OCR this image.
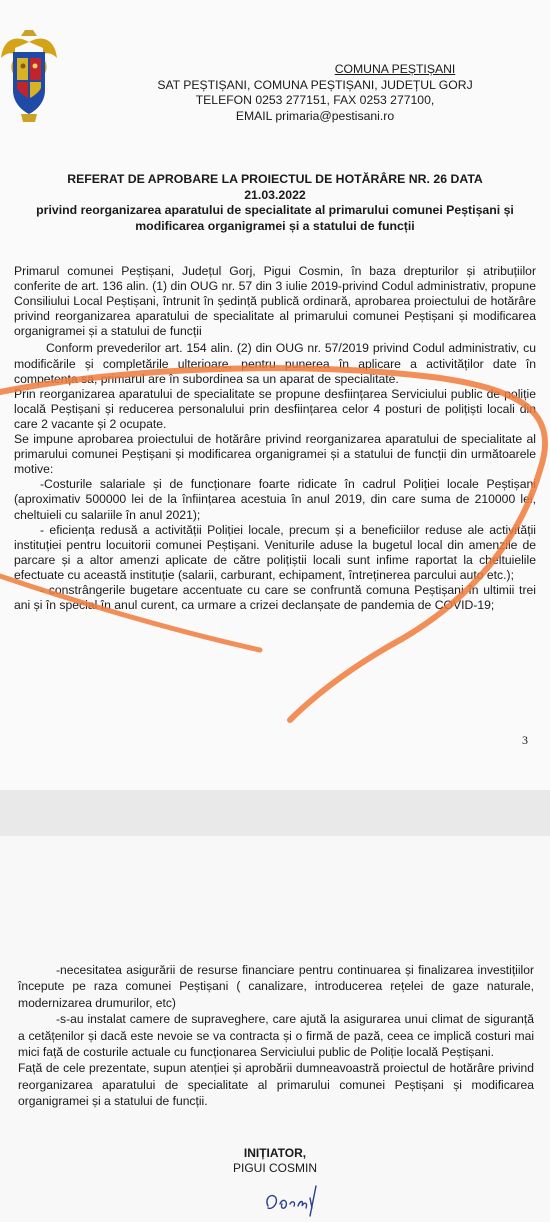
COMUNA PEȘTIȘANI
SAT PEȘTIȘANI, COMUNA PEȘTIȘANI, JUDEȚUL GORJ
TELEFON 0253 277151, FAX 0253 277100,
EMAIL primaria@pestisani.ro
REFERAT DE APROBARE LA PROIECTUL DE HOTĂRÂRE NR. 26 DATA
21.03.2022
privind reorganizarea aparatului de specialitate al primarului comunei Peștișani și
modificarea organigramei și a statului de funcții

Primarul comunei Peștișani, Județul Gorj, Pigui Cosmin, în baza drepturilor și atribuțiilor conferite de art. 136 alin. (1) din OUG nr. 57 din 3 iulie 2019-privind Codul administrativ, propune Consiliului Local Peștișani, întrunit în ședință publică ordinară, aprobarea proiectului de hotărâre privind reorganizarea aparatului de specialitate al primarului comunei Peștișani și modificarea organigramei și a statului de funcții

Conform prevederilor art. 154 alin. (2) din OUG nr. 57/2019 privind Codul administrativ, cu modificările și completările ulterioare, pentru punerea în aplicare a activităților date în competența sa, primarul are în subordinea sa un aparat de specialitate.

Prin reorganizarea aparatului de specialitate se propune desființarea Serviciului public de poliție locală Peștișani și reducerea personalului prin desființarea celor 4 posturi de polițiști locali din care 2 vacante și 2 ocupate.

Se impune aprobarea proiectului de hotărâre privind reorganizarea aparatului de specialitate al primarului comunei Peștișani și modificarea organigramei și a statului de funcții din următoarele motive:

-Costurile salariale și de funcționare foarte ridicate în cadrul Poliției locale Peștișani (aproximativ 500000 lei de la înființarea acestuia în anul 2019, din care suma de 210000 lei, cheltuieli cu salariile în anul 2021);

- eficiența redusă a activității Poliției locale, precum și a beneficiilor reduse ale activității instituției pentru locuitorii comunei Peștișani. Veniturile aduse la bugetul local din amenzile de parcare și a altor amenzi aplicate de către polițiștii locali sunt infime raportat la cheltuielile efectuate cu această instituție (salarii, carburant, echipament, întreținerea parcului auto etc.);

- constrângerile bugetare accentuate cu care se confruntă comuna Peștișani în ultimii trei ani și în special în anul curent, ca urmare a crizei declanșate de pandemia de COVID-19;

3

-necesitatea asigurării de resurse financiare pentru continuarea și finalizarea investițiilor începute pe raza comunei Peștișani ( canalizare, introducerea rețelei de gaze naturale, modernizarea drumurilor, etc)

-s-au instalat camere de supraveghere, care ajută la asigurarea unui climat de siguranță a cetățenilor și dacă este nevoie se va contracta și o firmă de pază, ceea ce implică costuri mai mici față de costurile actuale cu funcționarea Serviciului public de Poliție locală Peștișani.

Față de cele prezentate, supun atenției și aprobării dumneavoastră proiectul de hotărâre privind reorganizarea aparatului de specialitate al primarului comunei Peștișani și modificarea organigramei și a statului de funcții.

INIȚIATOR,
PIGUI COSMIN
